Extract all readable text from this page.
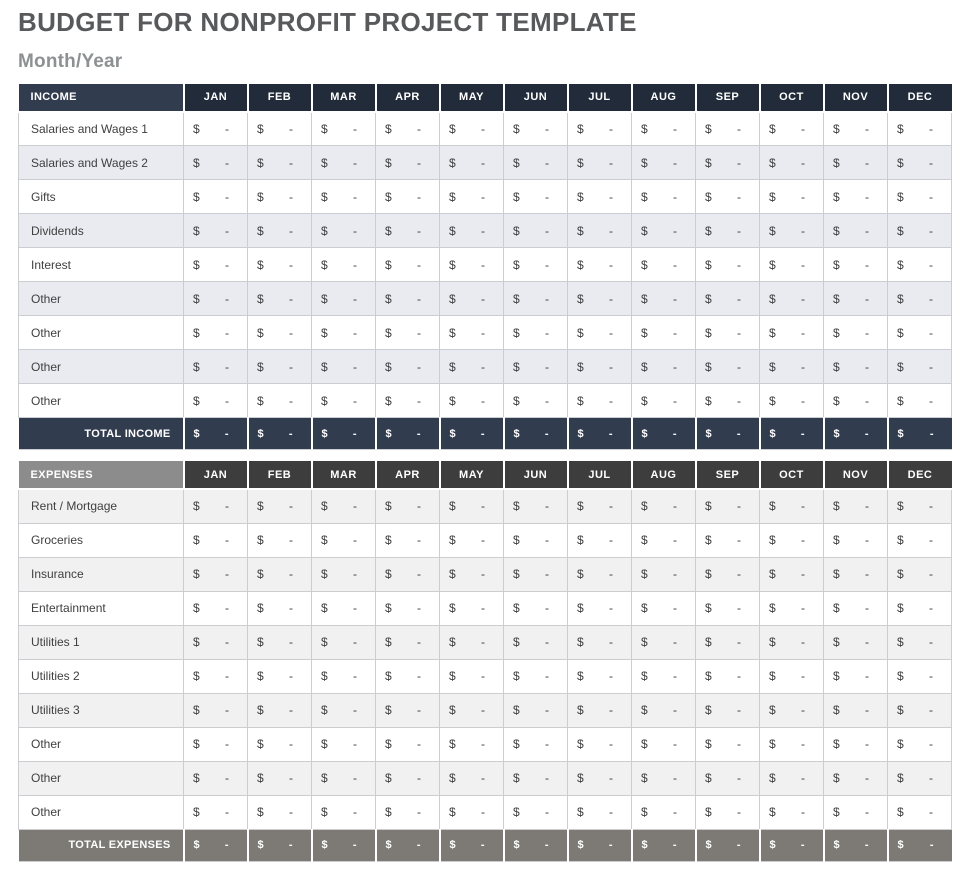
BUDGET FOR NONPROFIT PROJECT TEMPLATE
Month/Year
INCOME	JAN	FEB	MAR	APR	MAY	JUN	JUL	AUG	SEP	OCT	NOV	DEC
Salaries and Wages 1	$ -	$ -	$ -	$ -	$ -	$ -	$ -	$ -	$ -	$ -	$ -	$ -

Salaries and Wages 2	$ -	$ -	$ -	$ -	$ -	$ -	$ -	$ -	$ -	$ -	$ -	$ -

Gifts	$ -	$ -	$ -	$ -	$ -	$ -	$ -	$ -	$ -	$ -	$ -	$ -

Dividends	$ -	$ -	$ -	$ -	$ -	$ -	$ -	$ -	$ -	$ -	$ -	$ -

Interest	$ -	$ -	$ -	$ -	$ -	$ -	$ -	$ -	$ -	$ -	$ -	$ -

Other	$ -	$ -	$ -	$ -	$ -	$ -	$ -	$ -	$ -	$ -	$ -	$ -

Other	$ -	$ -	$ -	$ -	$ -	$ -	$ -	$ -	$ -	$ -	$ -	$ -

Other	$ -	$ -	$ -	$ -	$ -	$ -	$ -	$ -	$ -	$ -	$ -	$ -

Other	$ -	$ -	$ -	$ -	$ -	$ -	$ -	$ -	$ -	$ -	$ -	$ -

TOTAL INCOME	$ -	$ -	$ -	$ -	$ -	$ -	$ -	$ -	$ -	$ -	$ -	$ -
EXPENSES	JAN	FEB	MAR	APR	MAY	JUN	JUL	AUG	SEP	OCT	NOV	DEC
Rent / Mortgage	$ -	$ -	$ -	$ -	$ -	$ -	$ -	$ -	$ -	$ -	$ -	$ -

Groceries	$ -	$ -	$ -	$ -	$ -	$ -	$ -	$ -	$ -	$ -	$ -	$ -

Insurance	$ -	$ -	$ -	$ -	$ -	$ -	$ -	$ -	$ -	$ -	$ -	$ -

Entertainment	$ -	$ -	$ -	$ -	$ -	$ -	$ -	$ -	$ -	$ -	$ -	$ -

Utilities 1	$ -	$ -	$ -	$ -	$ -	$ -	$ -	$ -	$ -	$ -	$ -	$ -

Utilities 2	$ -	$ -	$ -	$ -	$ -	$ -	$ -	$ -	$ -	$ -	$ -	$ -

Utilities 3	$ -	$ -	$ -	$ -	$ -	$ -	$ -	$ -	$ -	$ -	$ -	$ -

Other	$ -	$ -	$ -	$ -	$ -	$ -	$ -	$ -	$ -	$ -	$ -	$ -

Other	$ -	$ -	$ -	$ -	$ -	$ -	$ -	$ -	$ -	$ -	$ -	$ -

Other	$ -	$ -	$ -	$ -	$ -	$ -	$ -	$ -	$ -	$ -	$ -	$ -

TOTAL EXPENSES	$ -	$ -	$ -	$ -	$ -	$ -	$ -	$ -	$ -	$ -	$ -	$ -
